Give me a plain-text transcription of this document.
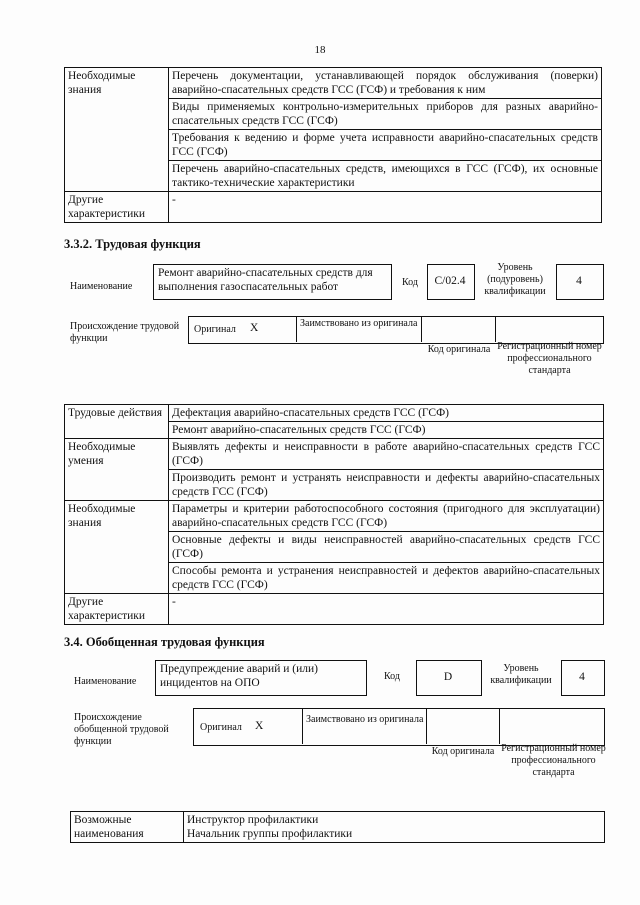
18
Необходимые знания	Перечень документации, устанавливающей порядок обслуживания (поверки) аварийно-спасательных средств ГСС (ГСФ) и требования к ним
	Виды применяемых контрольно-измерительных приборов для разных аварийно-спасательных средств ГСС (ГСФ)
	Требования к ведению и форме учета исправности аварийно-спасательных средств ГСС (ГСФ)
	Перечень аварийно-спасательных средств, имеющихся в ГСС (ГСФ), их основные тактико-технические характеристики
Другие характеристики	-
3.3.2. Трудовая функция
Наименование
Ремонт аварийно-спасательных средств для выполнения газоспасательных работ	Код	С/02.4
Уровень (подуровень) квалификации
4
Происхождение трудовой функции
Оригинал Х	Заимствовано из оригинала
Код оригинала Регистрационный номер профессионального стандарта
Трудовые действия	Дефектация аварийно-спасательных средств ГСС (ГСФ)
	Ремонт аварийно-спасательных средств ГСС (ГСФ)
Необходимые умения	Выявлять дефекты и неисправности в работе аварийно-спасательных средств ГСС (ГСФ)
	Производить ремонт и устранять неисправности и дефекты аварийно-спасательных средств ГСС (ГСФ)
Необходимые знания	Параметры и критерии работоспособного состояния (пригодного для эксплуатации) аварийно-спасательных средств ГСС (ГСФ)
	Основные дефекты и виды неисправностей аварийно-спасательных средств ГСС (ГСФ)
	Способы ремонта и устранения неисправностей и дефектов аварийно-спасательных средств ГСС (ГСФ)
Другие характеристики	-
3.4. Обобщенная трудовая функция
Наименование
Предупреждение аварий и (или) инцидентов на ОПО
Код	D
Уровень квалификации	4
Происхождение обобщенной трудовой функции
Оригинал Х
Заимствовано из оригинала
Код оригинала Регистрационный номер профессионального стандарта
Возможные наименования	
Инструктор профилактики
Начальник группы профилактики
